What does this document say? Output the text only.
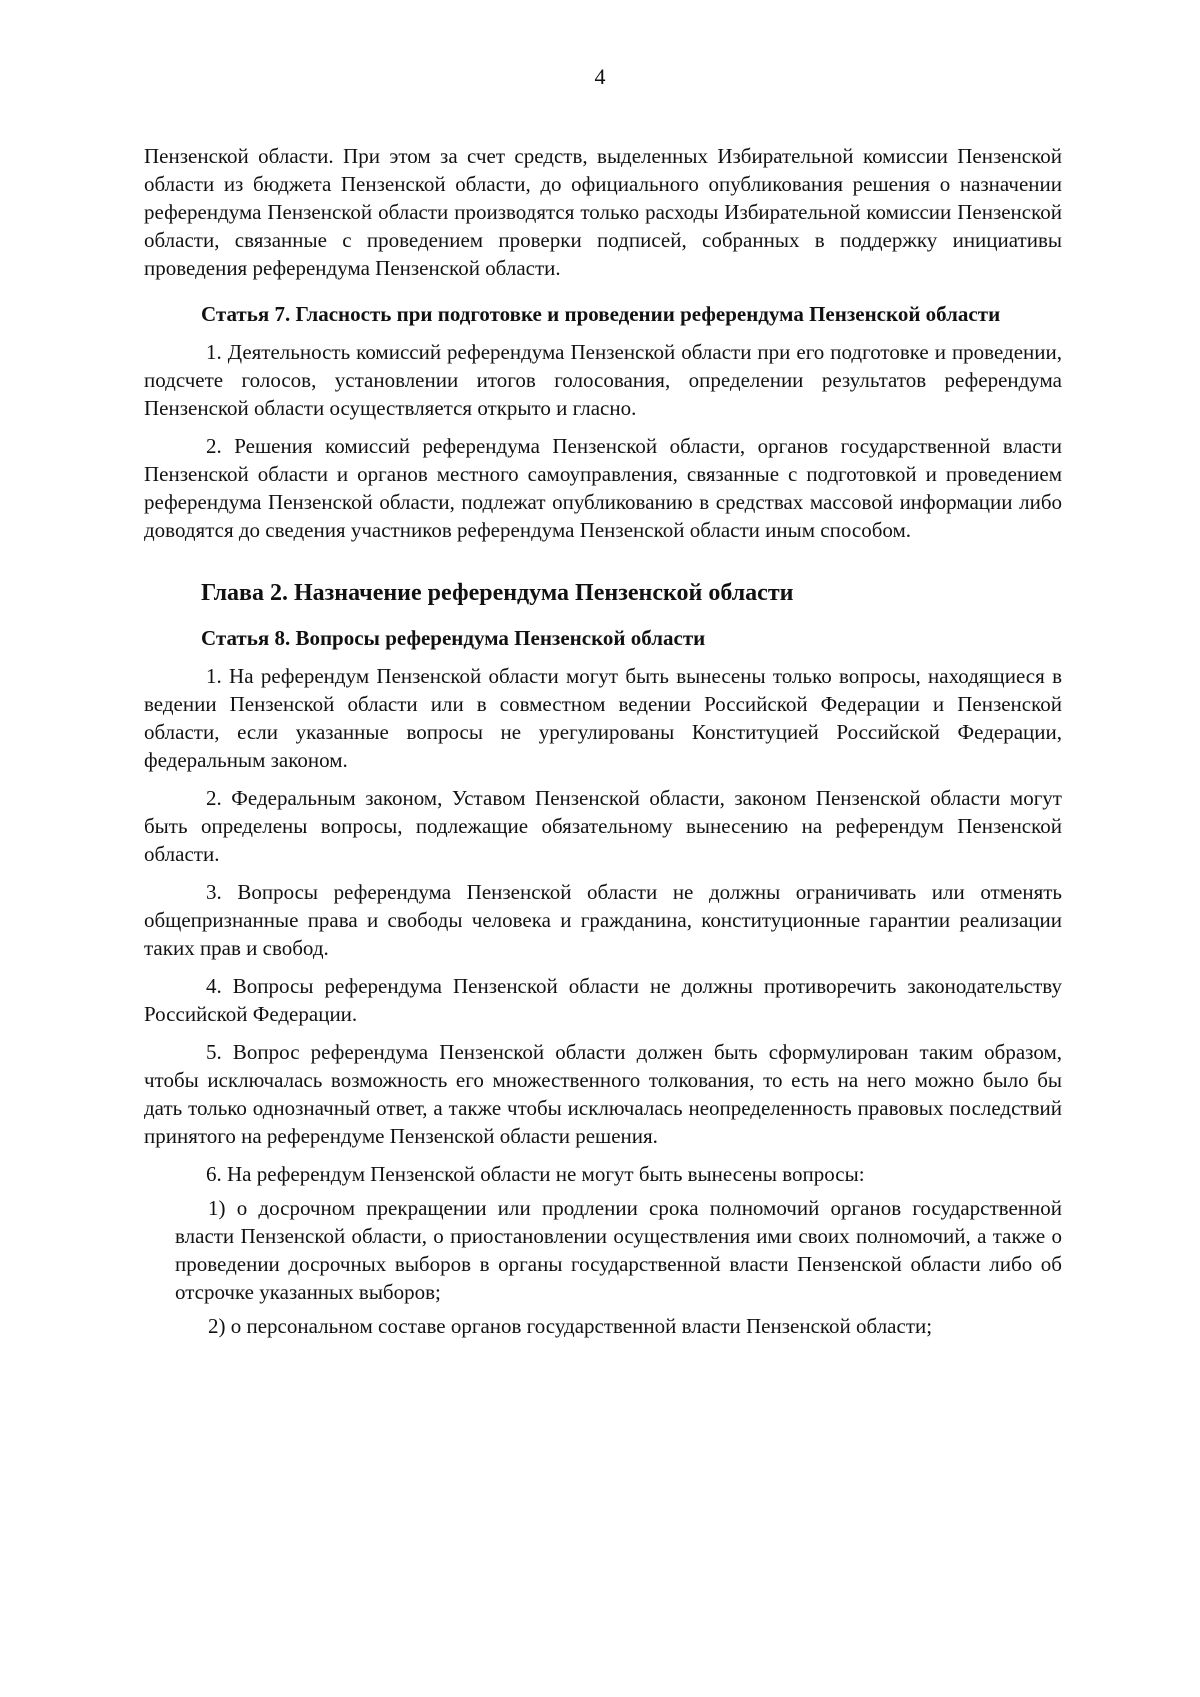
4

Пензенской области. При этом за счет средств, выделенных Избирательной комиссии Пензенской области из бюджета Пензенской области, до официального опубликования решения о назначении референдума Пензенской области производятся только расходы Избирательной комиссии Пензенской области, связанные с проведением проверки подписей, собранных в поддержку инициативы проведения референдума Пензенской области.

Статья 7. Гласность при подготовке и проведении референдума Пензенской области

1. Деятельность комиссий референдума Пензенской области при его подготовке и проведении, подсчете голосов, установлении итогов голосования, определении результатов референдума Пензенской области осуществляется открыто и гласно.

2. Решения комиссий референдума Пензенской области, органов государственной власти Пензенской области и органов местного самоуправления, связанные с подготовкой и проведением референдума Пензенской области, подлежат опубликованию в средствах массовой информации либо доводятся до сведения участников референдума Пензенской области иным способом.

Глава 2. Назначение референдума Пензенской области

Статья 8. Вопросы референдума Пензенской области

1. На референдум Пензенской области могут быть вынесены только вопросы, находящиеся в ведении Пензенской области или в совместном ведении Российской Федерации и Пензенской области, если указанные вопросы не урегулированы Конституцией Российской Федерации, федеральным законом.

2. Федеральным законом, Уставом Пензенской области, законом Пензенской области могут быть определены вопросы, подлежащие обязательному вынесению на референдум Пензенской области.

3. Вопросы референдума Пензенской области не должны ограничивать или отменять общепризнанные права и свободы человека и гражданина, конституционные гарантии реализации таких прав и свобод.

4. Вопросы референдума Пензенской области не должны противоречить законодательству Российской Федерации.

5. Вопрос референдума Пензенской области должен быть сформулирован таким образом, чтобы исключалась возможность его множественного толкования, то есть на него можно было бы дать только однозначный ответ, а также чтобы исключалась неопределенность правовых последствий принятого на референдуме Пензенской области решения.

6. На референдум Пензенской области не могут быть вынесены вопросы:

1) о досрочном прекращении или продлении срока полномочий органов государственной власти Пензенской области, о приостановлении осуществления ими своих полномочий, а также о проведении досрочных выборов в органы государственной власти Пензенской области либо об отсрочке указанных выборов;

2) о персональном составе органов государственной власти Пензенской области;
